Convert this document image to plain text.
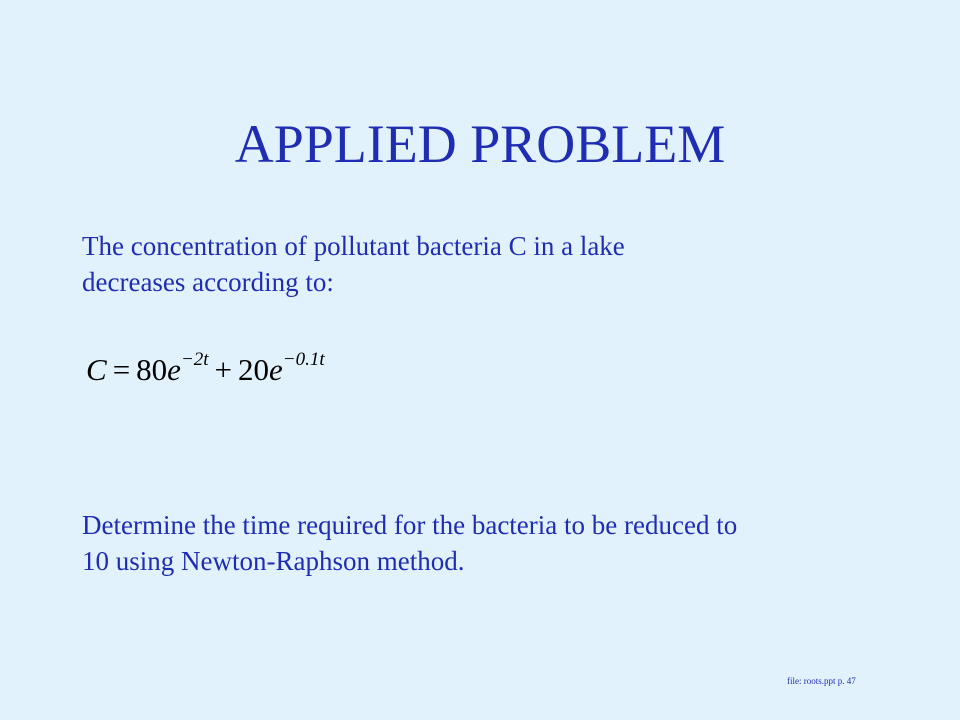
APPLIED PROBLEM
The concentration of pollutant bacteria C in a lake
decreases according to:
$C = 80e^{-2t} + 20e^{-0.1t}$
Determine the time required for the bacteria to be reduced to
10 using Newton-Raphson method.
file: roots.ppt p. 47
